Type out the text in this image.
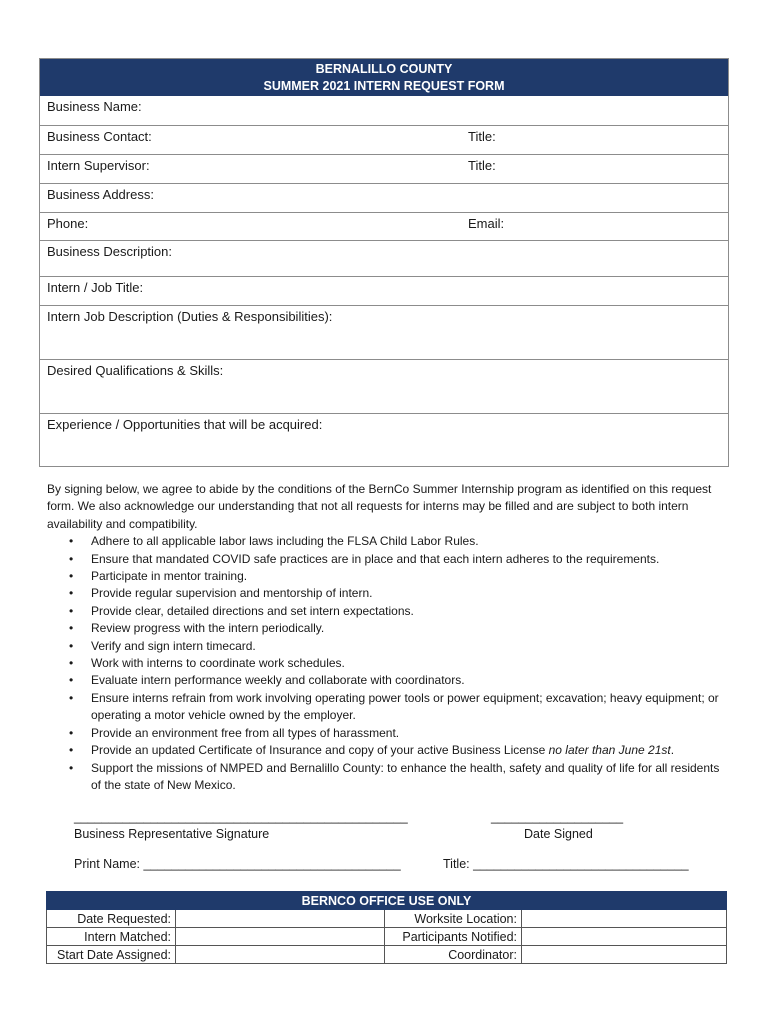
BERNALILLO COUNTY
SUMMER 2021 INTERN REQUEST FORM
Business Name:
Business Contact:	Title:
Intern Supervisor:	Title:
Business Address:
Phone:	Email:
Business Description:
Intern / Job Title:
Intern Job Description (Duties & Responsibilities):
Desired Qualifications & Skills:
Experience / Opportunities that will be acquired:

By signing below, we agree to abide by the conditions of the BernCo Summer Internship program as identified on this request form. We also acknowledge our understanding that not all requests for interns may be filled and are subject to both intern availability and compatibility.

• Adhere to all applicable labor laws including the FLSA Child Labor Rules.
• Ensure that mandated COVID safe practices are in place and that each intern adheres to the requirements.
• Participate in mentor training.
• Provide regular supervision and mentorship of intern.
• Provide clear, detailed directions and set intern expectations.
• Review progress with the intern periodically.
• Verify and sign intern timecard.
• Work with interns to coordinate work schedules.
• Evaluate intern performance weekly and collaborate with coordinators.
• Ensure interns refrain from work involving operating power tools or power equipment; excavation; heavy equipment; or operating a motor vehicle owned by the employer.
• Provide an environment free from all types of harassment.
• Provide an updated Certificate of Insurance and copy of your active Business License no later than June 21st.
• Support the missions of NMPED and Bernalillo County: to enhance the health, safety and quality of life for all residents of the state of New Mexico.
________________________________________________
Business Representative Signature
___________________
Date Signed
Print Name: _____________________________________	Title: _______________________________
BERNCO OFFICE USE ONLY			
Date Requested:		Worksite Location:	
Intern Matched:		Participants Notified:	
Start Date Assigned:		Coordinator:	
